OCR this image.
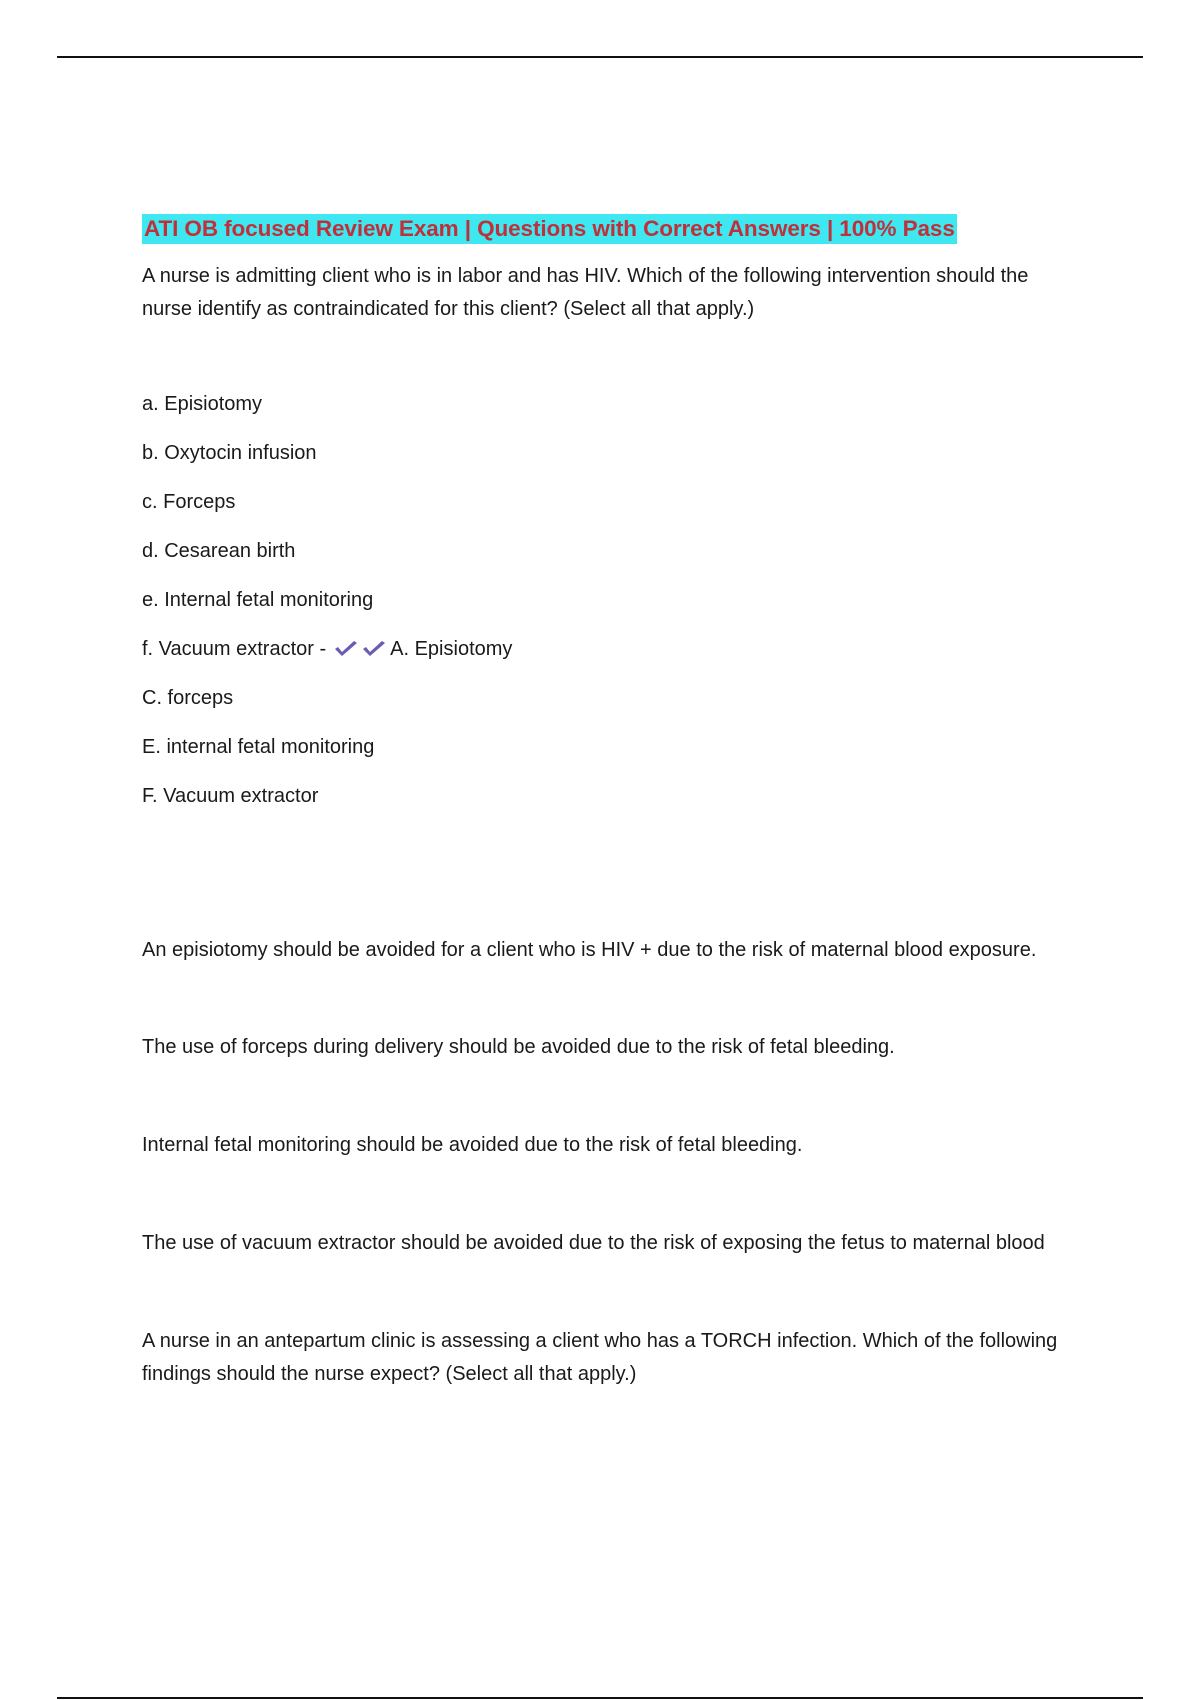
ATI OB focused Review Exam | Questions with Correct Answers | 100% Pass

A nurse is admitting client who is in labor and has HIV. Which of the following intervention should the nurse identify as contraindicated for this client? (Select all that apply.)

a. Episiotomy

b. Oxytocin infusion

c. Forceps

d. Cesarean birth

e. Internal fetal monitoring

f. Vacuum extractor -	A. Episiotomy

C. forceps

E. internal fetal monitoring

F. Vacuum extractor

An episiotomy should be avoided for a client who is HIV + due to the risk of maternal blood exposure.

The use of forceps during delivery should be avoided due to the risk of fetal bleeding.

Internal fetal monitoring should be avoided due to the risk of fetal bleeding.

The use of vacuum extractor should be avoided due to the risk of exposing the fetus to maternal blood

A nurse in an antepartum clinic is assessing a client who has a TORCH infection. Which of the following findings should the nurse expect? (Select all that apply.)
